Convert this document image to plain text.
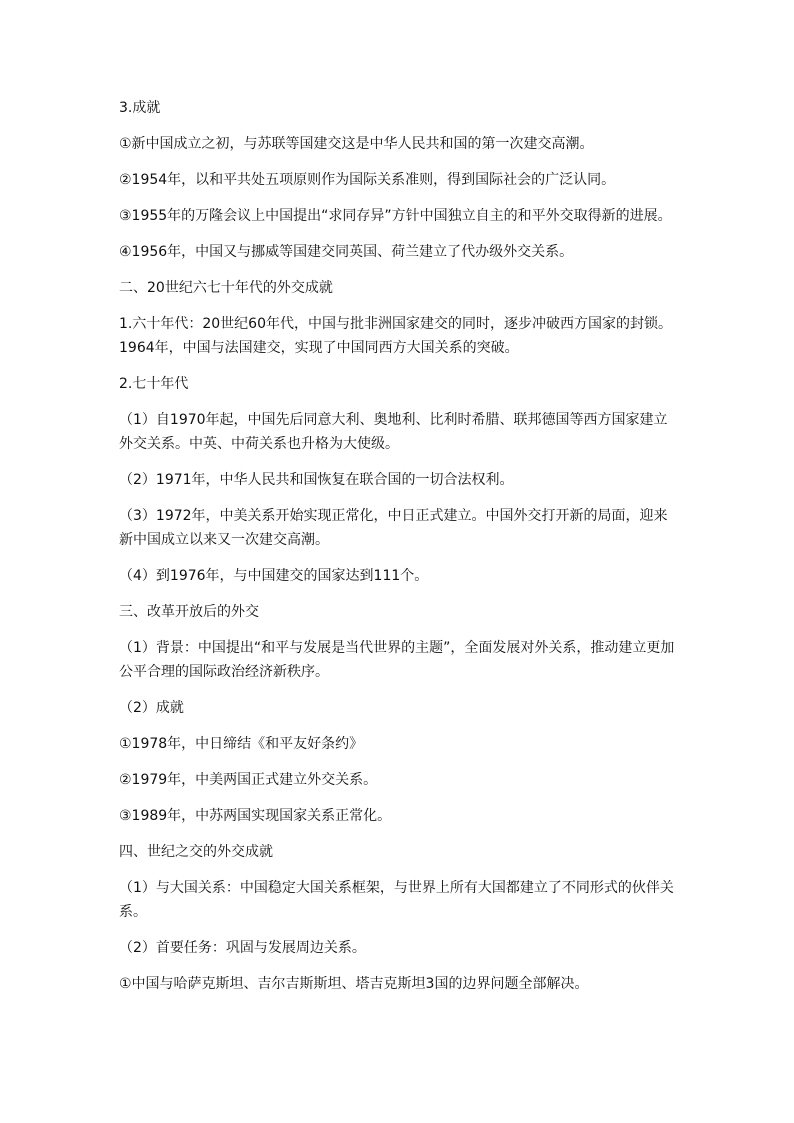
3.成就

①新中国成立之初，与苏联等国建交这是中华人民共和国的第一次建交高潮。

②1954年，以和平共处五项原则作为国际关系准则，得到国际社会的广泛认同。

③1955年的万隆会议上中国提出“求同存异”方针中国独立自主的和平外交取得新的进展。

④1956年，中国又与挪威等国建交同英国、荷兰建立了代办级外交关系。

二、20世纪六七十年代的外交成就

1.六十年代：20世纪60年代，中国与批非洲国家建交的同时，逐步冲破西方国家的封锁。1964年，中国与法国建交，实现了中国同西方大国关系的突破。

2.七十年代

（1）自1970年起，中国先后同意大利、奥地利、比利时希腊、联邦德国等西方国家建立外交关系。中英、中荷关系也升格为大使级。

（2）1971年，中华人民共和国恢复在联合国的一切合法权利。

（3）1972年，中美关系开始实现正常化，中日正式建立。中国外交打开新的局面，迎来新中国成立以来又一次建交高潮。

（4）到1976年，与中国建交的国家达到111个。

三、改革开放后的外交

（1）背景：中国提出“和平与发展是当代世界的主题”，全面发展对外关系，推动建立更加公平合理的国际政治经济新秩序。

（2）成就

①1978年，中日缔结《和平友好条约》

②1979年，中美两国正式建立外交关系。

③1989年，中苏两国实现国家关系正常化。

四、世纪之交的外交成就

（1）与大国关系：中国稳定大国关系框架，与世界上所有大国都建立了不同形式的伙伴关系。

（2）首要任务：巩固与发展周边关系。

①中国与哈萨克斯坦、吉尔吉斯斯坦、塔吉克斯坦3国的边界问题全部解决。
